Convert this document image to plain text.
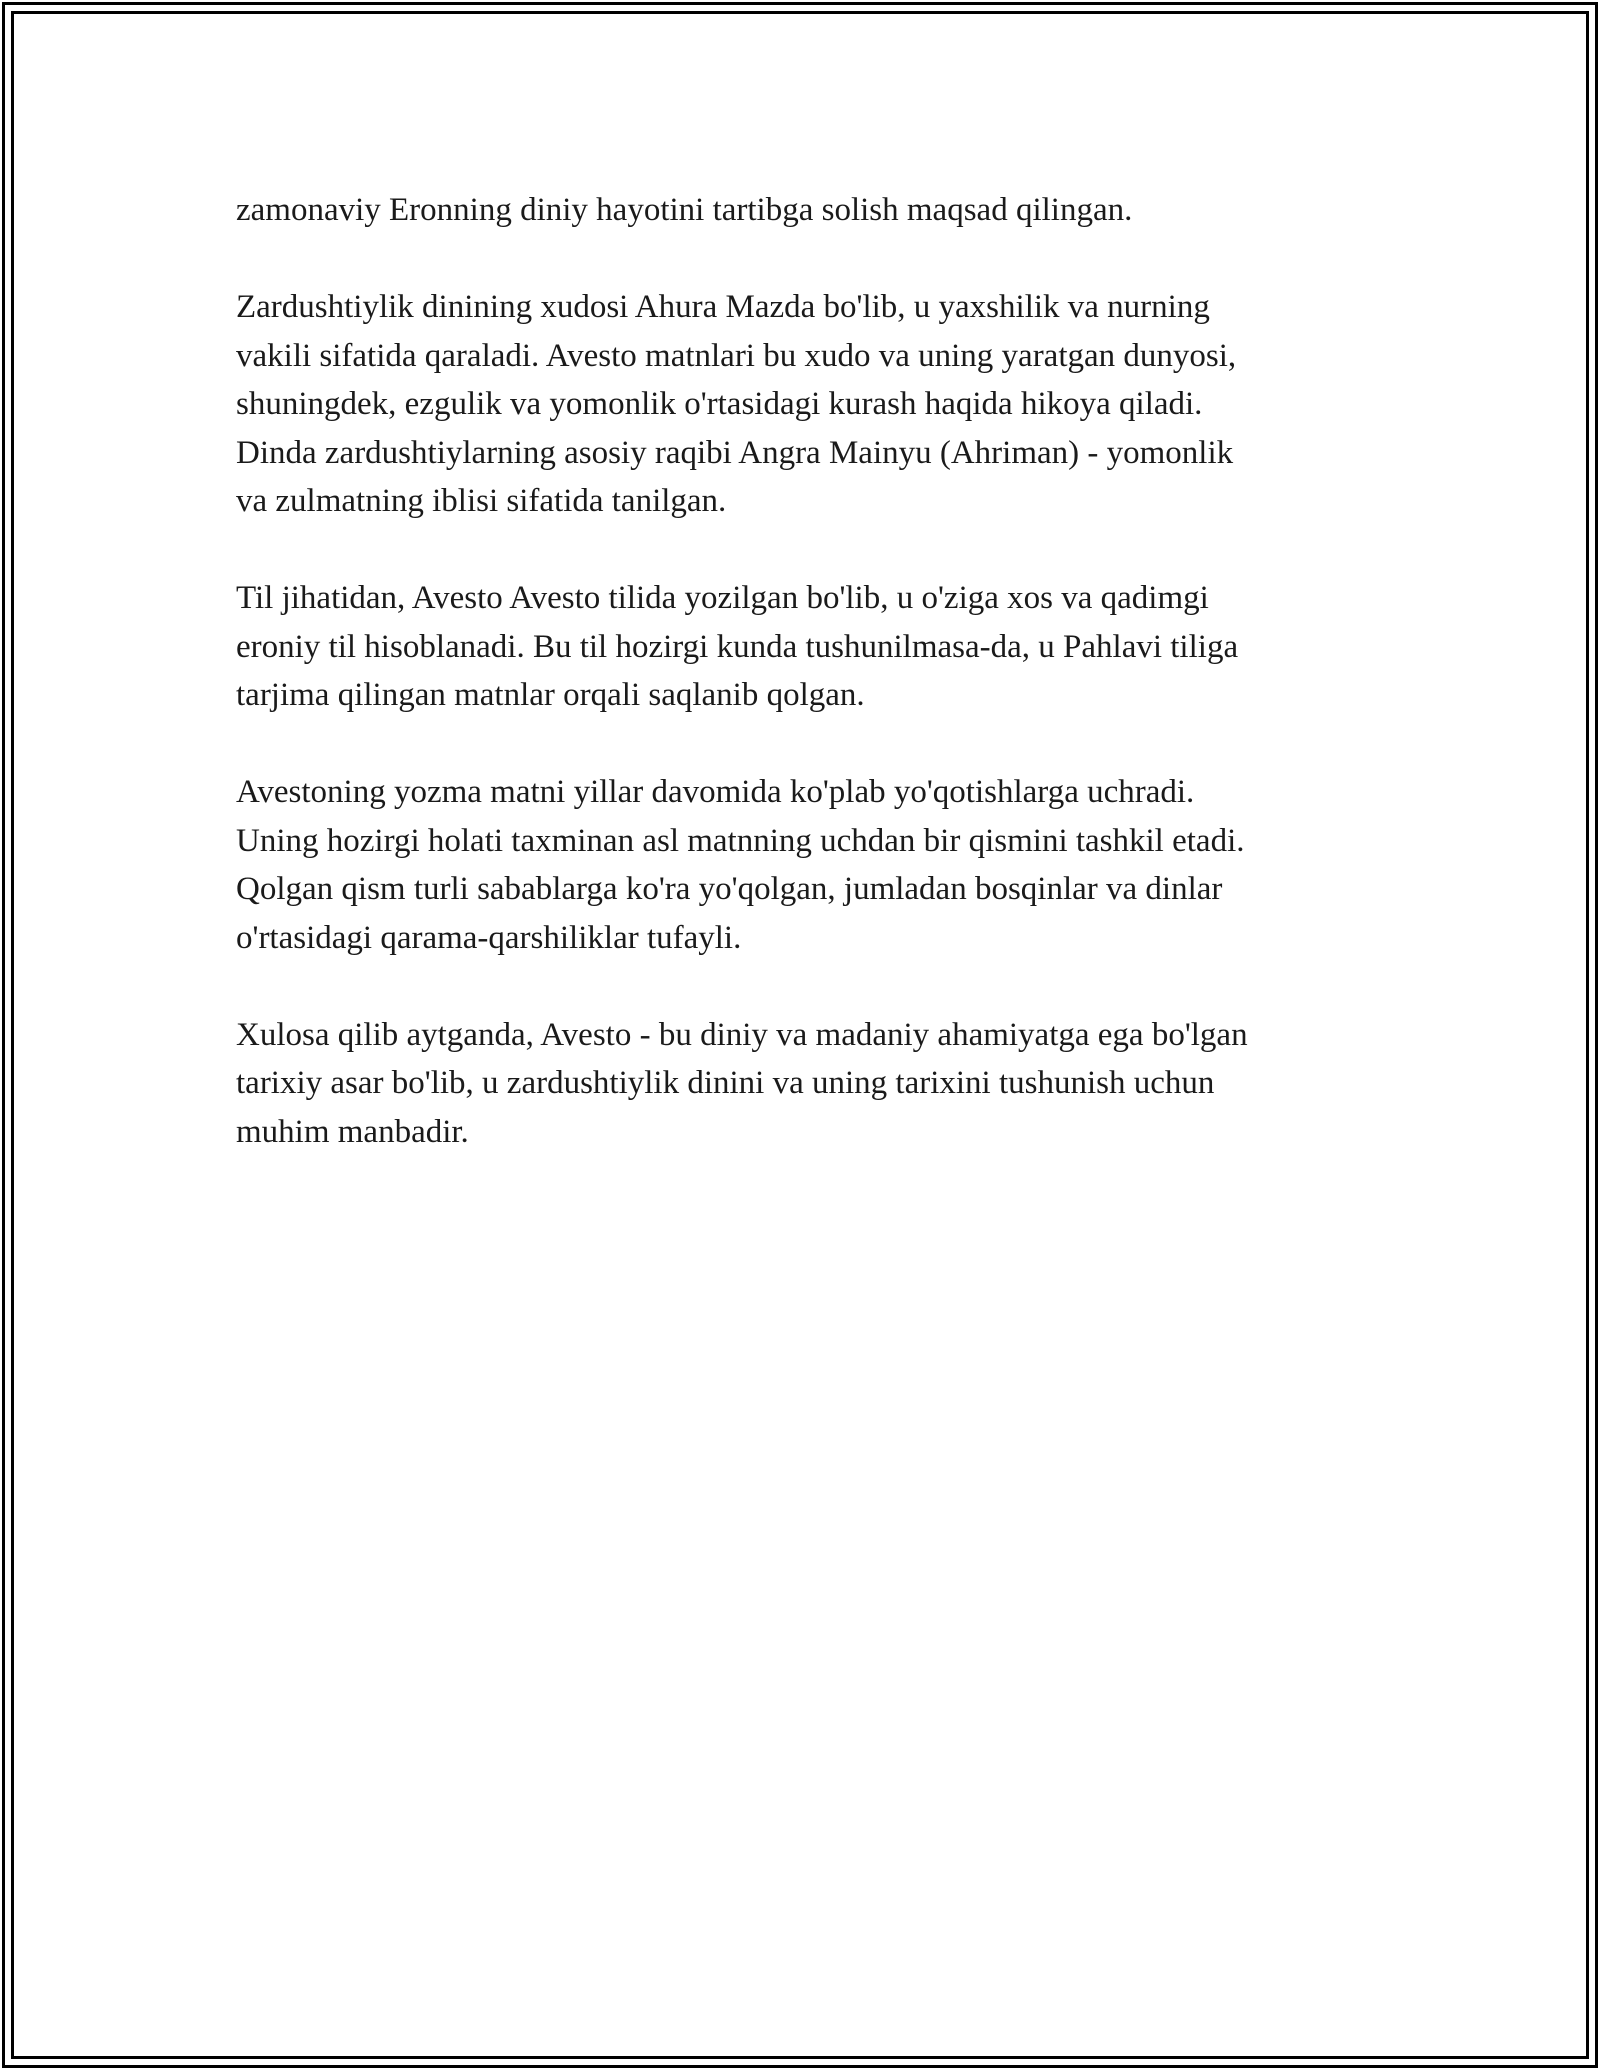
zamonaviy Eronning diniy hayotini tartibga solish maqsad qilingan.

Zardushtiylik dinining xudosi Ahura Mazda bo'lib, u yaxshilik va nurning
vakili sifatida qaraladi. Avesto matnlari bu xudo va uning yaratgan dunyosi,
shuningdek, ezgulik va yomonlik o'rtasidagi kurash haqida hikoya qiladi.
Dinda zardushtiylarning asosiy raqibi Angra Mainyu (Ahriman) - yomonlik
va zulmatning iblisi sifatida tanilgan.

Til jihatidan, Avesto Avesto tilida yozilgan bo'lib, u o'ziga xos va qadimgi
eroniy til hisoblanadi. Bu til hozirgi kunda tushunilmasa-da, u Pahlavi tiliga
tarjima qilingan matnlar orqali saqlanib qolgan.

Avestoning yozma matni yillar davomida ko'plab yo'qotishlarga uchradi.
Uning hozirgi holati taxminan asl matnning uchdan bir qismini tashkil etadi.
Qolgan qism turli sabablarga ko'ra yo'qolgan, jumladan bosqinlar va dinlar
o'rtasidagi qarama-qarshiliklar tufayli.

Xulosa qilib aytganda, Avesto - bu diniy va madaniy ahamiyatga ega bo'lgan
tarixiy asar bo'lib, u zardushtiylik dinini va uning tarixini tushunish uchun
muhim manbadir.
